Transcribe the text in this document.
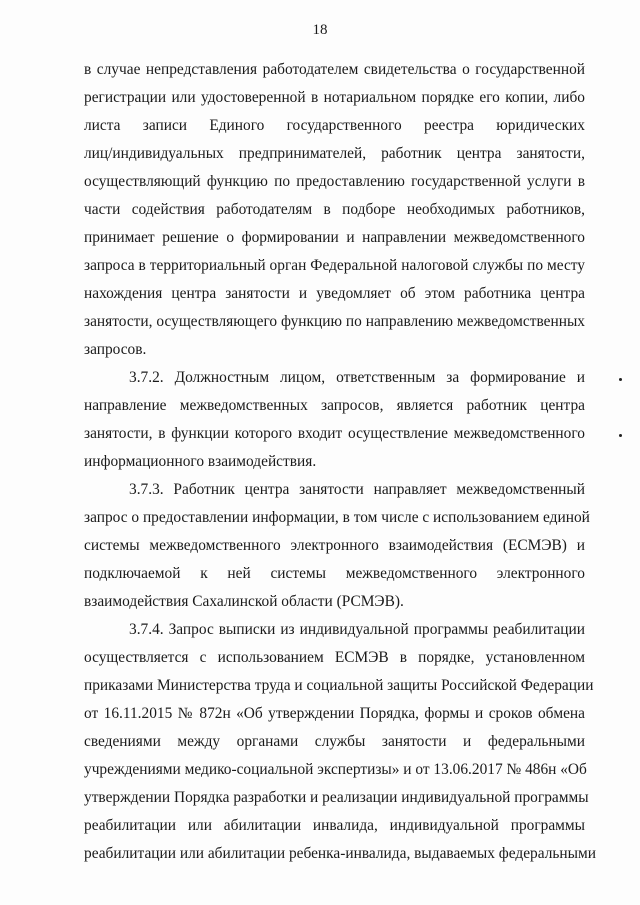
18
в случае непредставления работодателем свидетельства о государственной
регистрации или удостоверенной в нотариальном порядке его копии, либо
листа записи Единого государственного реестра юридических
лиц/индивидуальных предпринимателей, работник центра занятости,
осуществляющий функцию по предоставлению государственной услуги в
части содействия работодателям в подборе необходимых работников,
принимает решение о формировании и направлении межведомственного
запроса в территориальный орган Федеральной налоговой службы по месту
нахождения центра занятости и уведомляет об этом работника центра
занятости, осуществляющего функцию по направлению межведомственных
запросов.
3.7.2. Должностным лицом, ответственным за формирование и
направление межведомственных запросов, является работник центра
занятости, в функции которого входит осуществление межведомственного
информационного взаимодействия.
3.7.3. Работник центра занятости направляет межведомственный
запрос о предоставлении информации, в том числе с использованием единой
системы межведомственного электронного взаимодействия (ЕСМЭВ) и
подключаемой к ней системы межведомственного электронного
взаимодействия Сахалинской области (РСМЭВ).
3.7.4. Запрос выписки из индивидуальной программы реабилитации
осуществляется с использованием ЕСМЭВ в порядке, установленном
приказами Министерства труда и социальной защиты Российской Федерации
от 16.11.2015 № 872н «Об утверждении Порядка, формы и сроков обмена
сведениями между органами службы занятости и федеральными
учреждениями медико-социальной экспертизы» и от 13.06.2017 № 486н «Об
утверждении Порядка разработки и реализации индивидуальной программы
реабилитации или абилитации инвалида, индивидуальной программы
реабилитации или абилитации ребенка-инвалида, выдаваемых федеральными
